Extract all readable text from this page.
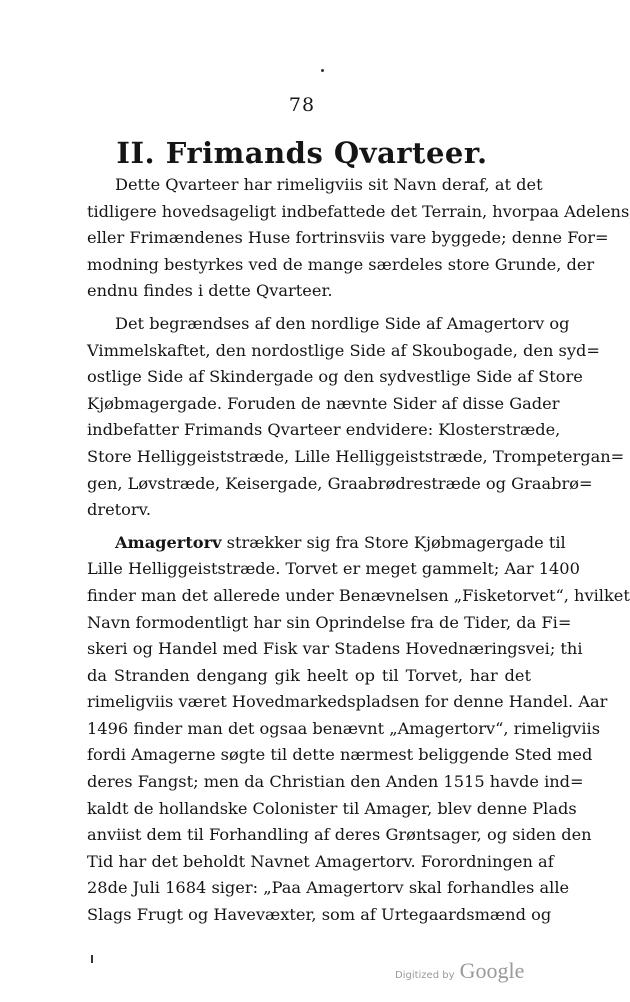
78
II. Frimands Qvarteer.
Dette Qvarteer har rimeligviis sit Navn deraf, at det
tidligere hovedsageligt indbefattede det Terrain, hvorpaa Adelens
eller Frimændenes Huse fortrinsviis vare byggede; denne For=
modning bestyrkes ved de mange særdeles store Grunde, der
endnu findes i dette Qvarteer.
Det begrændses af den nordlige Side af Amagertorv og
Vimmelskaftet, den nordostlige Side af Skoubogade, den syd=
ostlige Side af Skindergade og den sydvestlige Side af Store
Kjøbmagergade. Foruden de nævnte Sider af disse Gader
indbefatter Frimands Qvarteer endvidere: Klosterstræde,
Store Helliggeiststræde, Lille Helliggeiststræde, Trompetergan=
gen, Løvstræde, Keisergade, Graabrødrestræde og Graabrø=
dretorv.
Amagertorv strækker sig fra Store Kjøbmagergade til
Lille Helliggeiststræde. Torvet er meget gammelt; Aar 1400
finder man det allerede under Benævnelsen „Fisketorvet“, hvilket
Navn formodentligt har sin Oprindelse fra de Tider, da Fi=
skeri og Handel med Fisk var Stadens Hovednæringsvei; thi
da Stranden dengang gik heelt op til Torvet, har det
rimeligviis været Hovedmarkedspladsen for denne Handel. Aar
1496 finder man det ogsaa benævnt „Amagertorv“, rimeligviis
fordi Amagerne søgte til dette nærmest beliggende Sted med
deres Fangst; men da Christian den Anden 1515 havde ind=
kaldt de hollandske Colonister til Amager, blev denne Plads
anviist dem til Forhandling af deres Grøntsager, og siden den
Tid har det beholdt Navnet Amagertorv. Forordningen af
28de Juli 1684 siger: „Paa Amagertorv skal forhandles alle
Slags Frugt og Havevæxter, som af Urtegaardsmænd og
Digitized by Google
